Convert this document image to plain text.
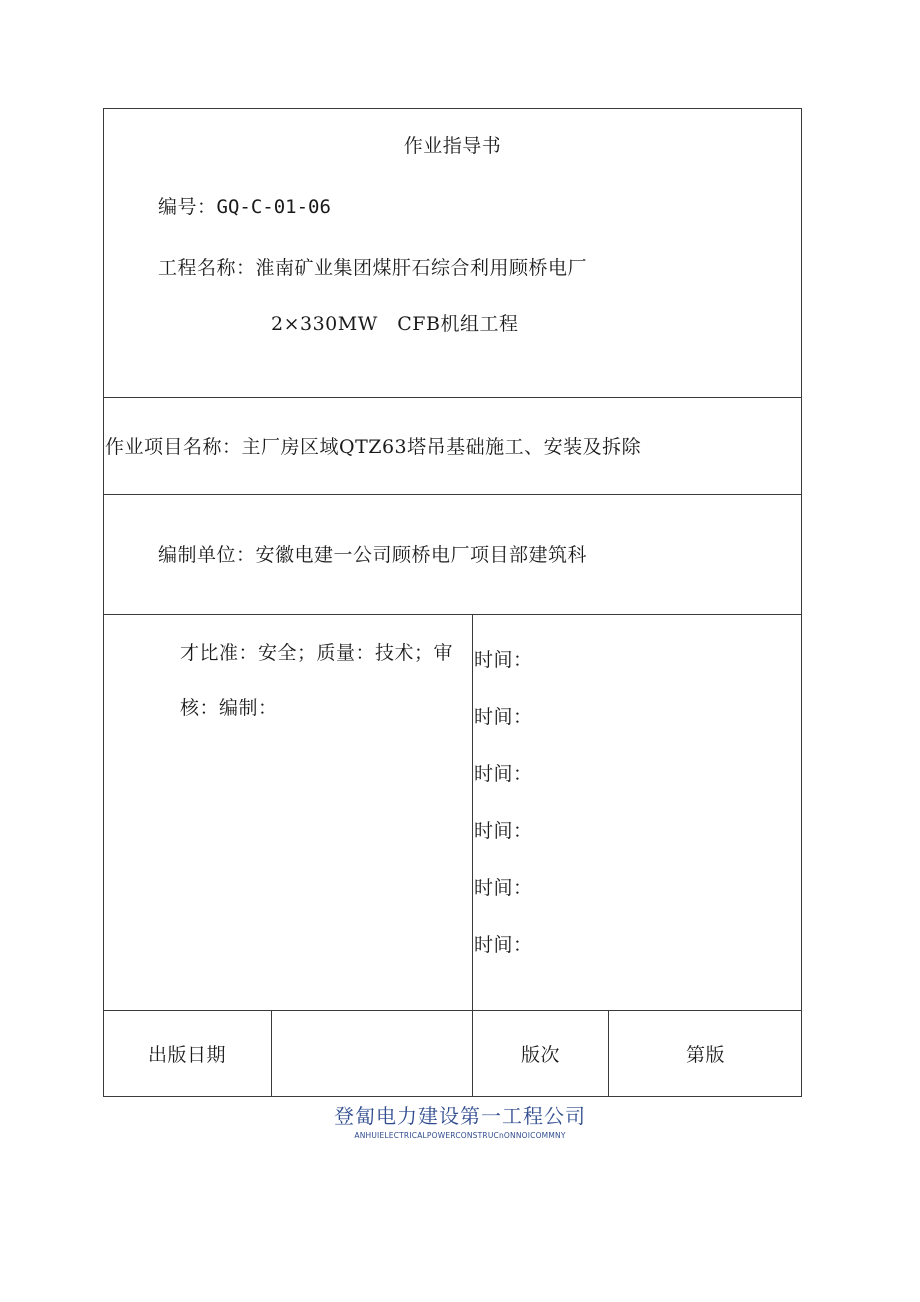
作业指导书
编号：GQ-C-01-06
工程名称：淮南矿业集团煤肝石综合利用顾桥电厂
2×330MW　CFB机组工程
作业项目名称：主厂房区域QTZ63塔吊基础施工、安装及拆除
编制单位：安徽电建一公司顾桥电厂项目部建筑科
才比准：安全；质量：技术；审
核：编制：
时间：
时间：
时间：
时间：
时间：
时间：
出版日期	版次	第版
登匐电力建设第一工程公司
ANHUIELECTRICALPOWERCONSTRUCnONNOICOMMNY
